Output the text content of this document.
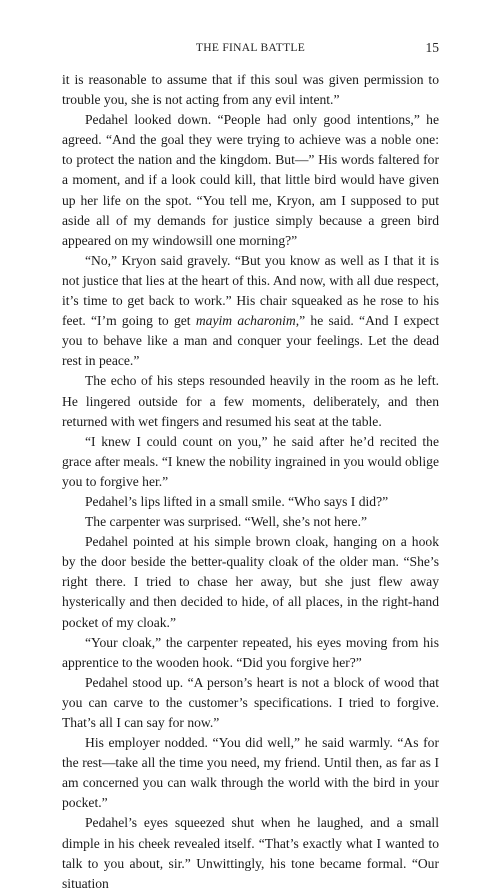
THE FINAL BATTLE	15

it is reasonable to assume that if this soul was given permission to trouble you, she is not acting from any evil intent.”

Pedahel looked down. “People had only good intentions,” he agreed. “And the goal they were trying to achieve was a noble one: to protect the nation and the kingdom. But—” His words faltered for a moment, and if a look could kill, that little bird would have given up her life on the spot. “You tell me, Kryon, am I supposed to put aside all of my demands for justice simply because a green bird appeared on my windowsill one morning?”

“No,” Kryon said gravely. “But you know as well as I that it is not justice that lies at the heart of this. And now, with all due respect, it’s time to get back to work.” His chair squeaked as he rose to his feet. “I’m going to get mayim acharonim,” he said. “And I expect you to behave like a man and conquer your feelings. Let the dead rest in peace.”

The echo of his steps resounded heavily in the room as he left. He lingered outside for a few moments, deliberately, and then returned with wet fingers and resumed his seat at the table.

“I knew I could count on you,” he said after he’d recited the grace after meals. “I knew the nobility ingrained in you would oblige you to forgive her.”

Pedahel’s lips lifted in a small smile. “Who says I did?”

The carpenter was surprised. “Well, she’s not here.”

Pedahel pointed at his simple brown cloak, hanging on a hook by the door beside the better-quality cloak of the older man. “She’s right there. I tried to chase her away, but she just flew away hysterically and then decided to hide, of all places, in the right-hand pocket of my cloak.”

“Your cloak,” the carpenter repeated, his eyes moving from his apprentice to the wooden hook. “Did you forgive her?”

Pedahel stood up. “A person’s heart is not a block of wood that you can carve to the customer’s specifications. I tried to forgive. That’s all I can say for now.”

His employer nodded. “You did well,” he said warmly. “As for the rest—take all the time you need, my friend. Until then, as far as I am concerned you can walk through the world with the bird in your pocket.”

Pedahel’s eyes squeezed shut when he laughed, and a small dimple in his cheek revealed itself. “That’s exactly what I wanted to talk to you about, sir.” Unwittingly, his tone became formal. “Our situation
